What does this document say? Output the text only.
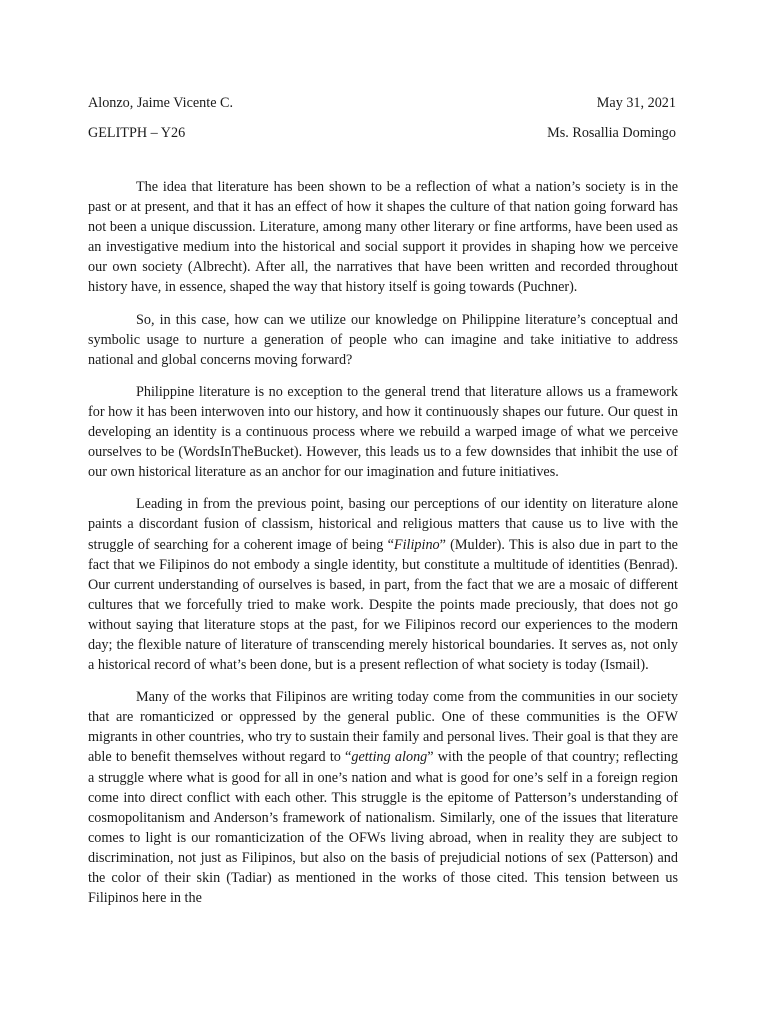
Alonzo, Jaime Vicente C.	May 31, 2021
GELITPH – Y26	Ms. Rosallia Domingo

The idea that literature has been shown to be a reflection of what a nation’s society is in the past or at present, and that it has an effect of how it shapes the culture of that nation going forward has not been a unique discussion. Literature, among many other literary or fine artforms, have been used as an investigative medium into the historical and social support it provides in shaping how we perceive our own society (Albrecht). After all, the narratives that have been written and recorded throughout history have, in essence, shaped the way that history itself is going towards (Puchner).

So, in this case, how can we utilize our knowledge on Philippine literature’s conceptual and symbolic usage to nurture a generation of people who can imagine and take initiative to address national and global concerns moving forward?

Philippine literature is no exception to the general trend that literature allows us a framework for how it has been interwoven into our history, and how it continuously shapes our future. Our quest in developing an identity is a continuous process where we rebuild a warped image of what we perceive ourselves to be (WordsInTheBucket). However, this leads us to a few downsides that inhibit the use of our own historical literature as an anchor for our imagination and future initiatives.

Leading in from the previous point, basing our perceptions of our identity on literature alone paints a discordant fusion of classism, historical and religious matters that cause us to live with the struggle of searching for a coherent image of being “Filipino” (Mulder). This is also due in part to the fact that we Filipinos do not embody a single identity, but constitute a multitude of identities (Benrad). Our current understanding of ourselves is based, in part, from the fact that we are a mosaic of different cultures that we forcefully tried to make work. Despite the points made preciously, that does not go without saying that literature stops at the past, for we Filipinos record our experiences to the modern day; the flexible nature of literature of transcending merely historical boundaries. It serves as, not only a historical record of what’s been done, but is a present reflection of what society is today (Ismail).

Many of the works that Filipinos are writing today come from the communities in our society that are romanticized or oppressed by the general public. One of these communities is the OFW migrants in other countries, who try to sustain their family and personal lives. Their goal is that they are able to benefit themselves without regard to “getting along” with the people of that country; reflecting a struggle where what is good for all in one’s nation and what is good for one’s self in a foreign region come into direct conflict with each other. This struggle is the epitome of Patterson’s understanding of cosmopolitanism and Anderson’s framework of nationalism. Similarly, one of the issues that literature comes to light is our romanticization of the OFWs living abroad, when in reality they are subject to discrimination, not just as Filipinos, but also on the basis of prejudicial notions of sex (Patterson) and the color of their skin (Tadiar) as mentioned in the works of those cited. This tension between us Filipinos here in the
